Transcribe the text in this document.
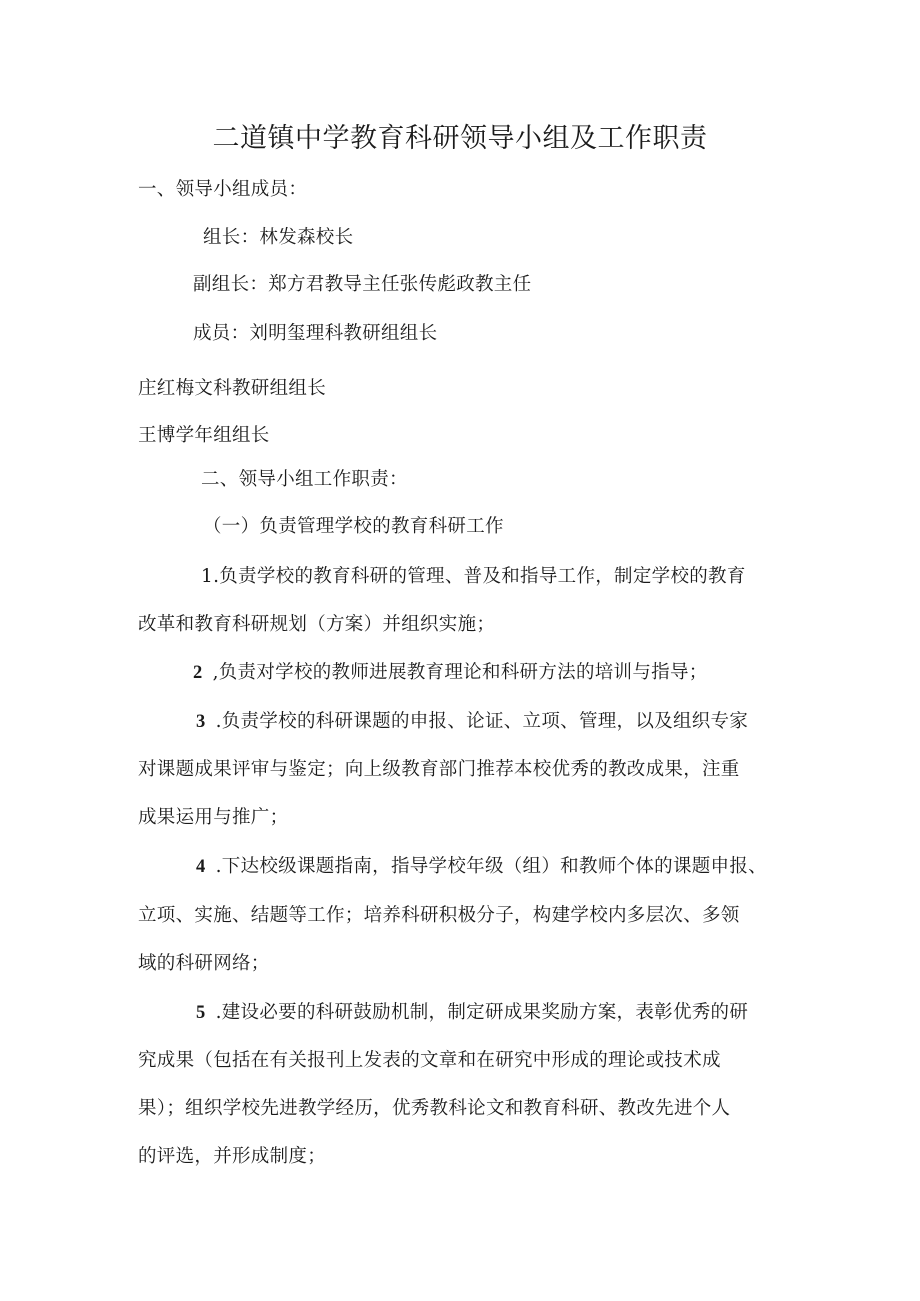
二道镇中学教育科研领导小组及工作职责
一、领导小组成员：
组长：林发森校长
副组长：郑方君教导主任张传彪政教主任
成员：刘明玺理科教研组组长
庄红梅文科教研组组长
王博学年组组长
二、领导小组工作职责：
（一）负责管理学校的教育科研工作
1.负责学校的教育科研的管理、普及和指导工作，制定学校的教育
改革和教育科研规划（方案）并组织实施；
2 ,负责对学校的教师进展教育理论和科研方法的培训与指导；
3 .负责学校的科研课题的申报、论证、立项、管理，以及组织专家
对课题成果评审与鉴定；向上级教育部门推荐本校优秀的教改成果，注重
成果运用与推广；
4 .下达校级课题指南，指导学校年级（组）和教师个体的课题申报、
立项、实施、结题等工作；培养科研积极分子，构建学校内多层次、多领
域的科研网络；
5 .建设必要的科研鼓励机制，制定研成果奖励方案，表彰优秀的研
究成果（包括在有关报刊上发表的文章和在研究中形成的理论或技术成
果）；组织学校先进教学经历，优秀教科论文和教育科研、教改先进个人
的评选，并形成制度；
